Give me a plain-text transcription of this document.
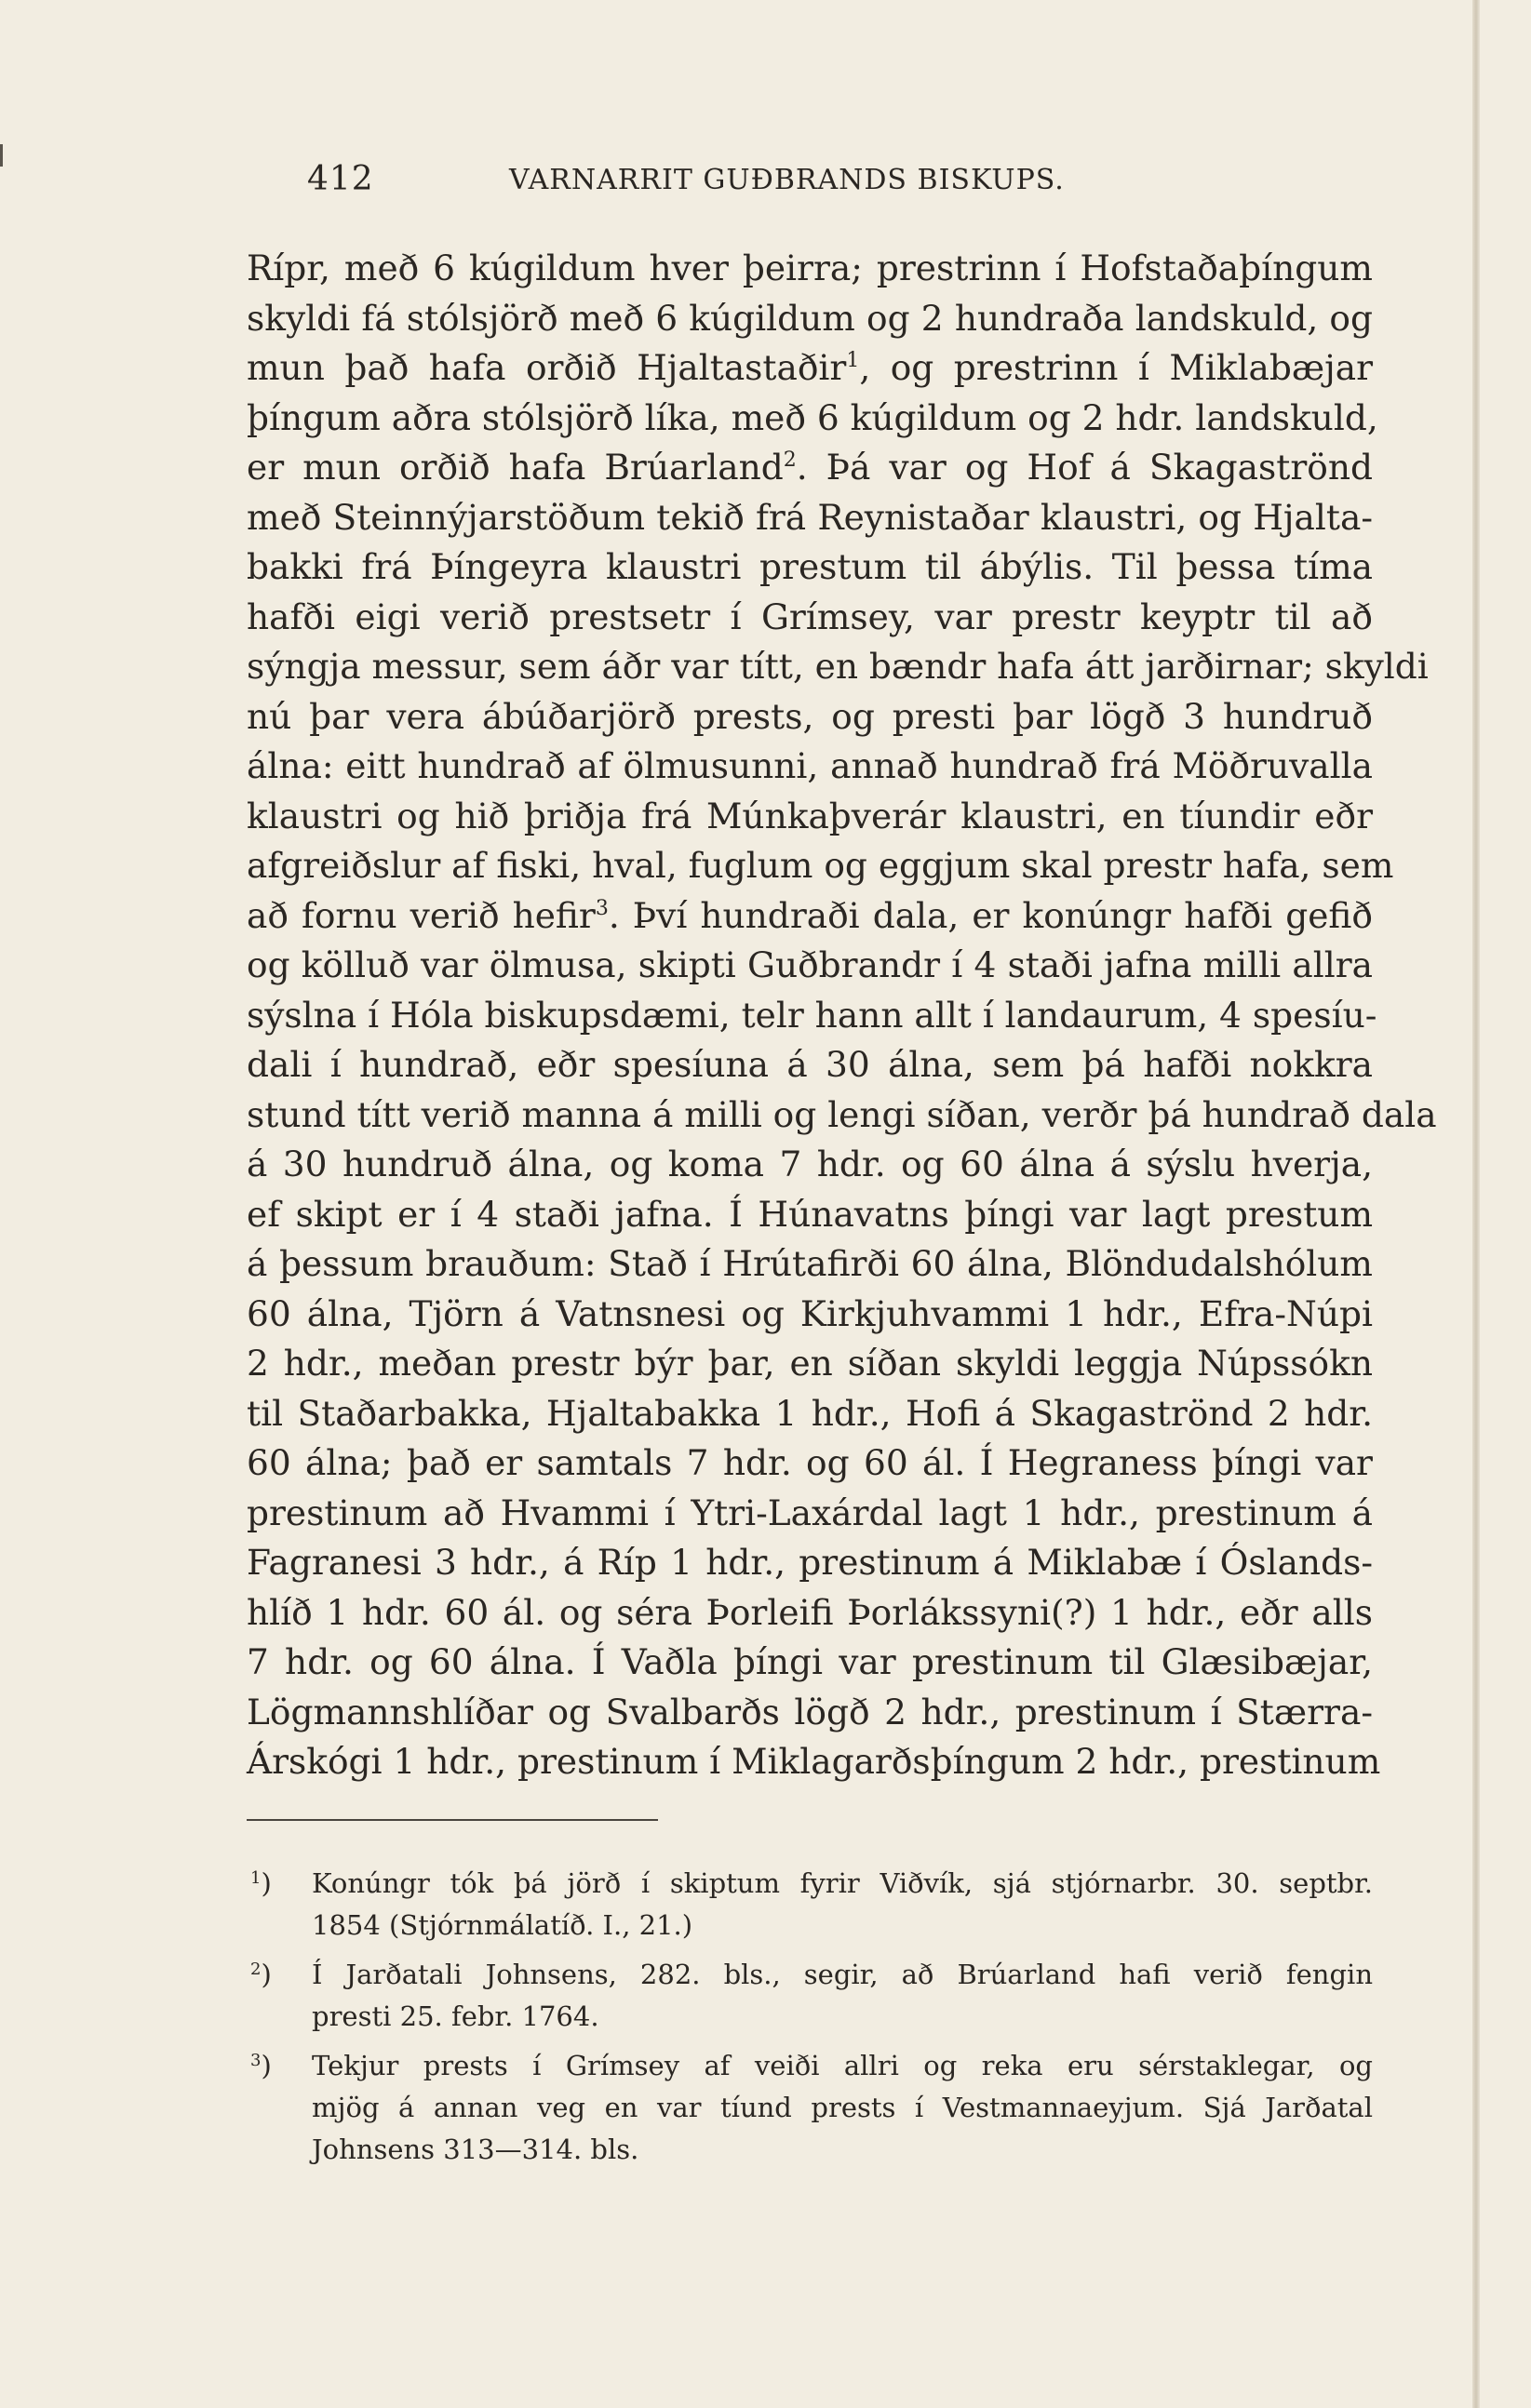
412	VARNARRIT GUÐBRANDS BISKUPS.
Rípr, með 6 kúgildum hver þeirra; prestrinn í Hofstaðaþíngum
skyldi fá stólsjörð með 6 kúgildum og 2 hundraða landskuld, og
mun það hafa orðið Hjaltastaðir$^1$, og prestrinn í Miklabæjar
þíngum aðra stólsjörð líka, með 6 kúgildum og 2 hdr. landskuld,
er mun orðið hafa Brúarland$^2$. Þá var og Hof á Skagaströnd
með Steinnýjarstöðum tekið frá Reynistaðar klaustri, og Hjalta-
bakki frá Þíngeyra klaustri prestum til ábýlis. Til þessa tíma
hafði eigi verið prestsetr í Grímsey, var prestr keyptr til að
sýngja messur, sem áðr var títt, en bændr hafa átt jarðirnar; skyldi
nú þar vera ábúðarjörð prests, og presti þar lögð 3 hundruð
álna: eitt hundrað af ölmusunni, annað hundrað frá Möðruvalla
klaustri og hið þriðja frá Múnkaþverár klaustri, en tíundir eðr
afgreiðslur af fiski, hval, fuglum og eggjum skal prestr hafa, sem
að fornu verið hefir$^3$. Því hundraði dala, er konúngr hafði gefið
og kölluð var ölmusa, skipti Guðbrandr í 4 staði jafna milli allra
sýslna í Hóla biskupsdæmi, telr hann allt í landaurum, 4 spesíu-
dali í hundrað, eðr spesíuna á 30 álna, sem þá hafði nokkra
stund títt verið manna á milli og lengi síðan, verðr þá hundrað dala
á 30 hundruð álna, og koma 7 hdr. og 60 álna á sýslu hverja,
ef skipt er í 4 staði jafna. Í Húnavatns þíngi var lagt prestum
á þessum brauðum: Stað í Hrútafirði 60 álna, Blöndudalshólum
60 álna, Tjörn á Vatnsnesi og Kirkjuhvammi 1 hdr., Efra-Núpi
2 hdr., meðan prestr býr þar, en síðan skyldi leggja Núpssókn
til Staðarbakka, Hjaltabakka 1 hdr., Hofi á Skagaströnd 2 hdr.
60 álna; það er samtals 7 hdr. og 60 ál. Í Hegraness þíngi var
prestinum að Hvammi í Ytri-Laxárdal lagt 1 hdr., prestinum á
Fagranesi 3 hdr., á Ríp 1 hdr., prestinum á Miklabæ í Óslands-
hlíð 1 hdr. 60 ál. og séra Þorleifi Þorlákssyni(?) 1 hdr., eðr alls
7 hdr. og 60 álna. Í Vaðla þíngi var prestinum til Glæsibæjar,
Lögmannshlíðar og Svalbarðs lögð 2 hdr., prestinum í Stærra-
Árskógi 1 hdr., prestinum í Miklagarðsþíngum 2 hdr., prestinum
$^1$) Konúngr tók þá jörð í skiptum fyrir Viðvík, sjá stjórnarbr. 30. septbr.
1854 (Stjórnmálatíð. I., 21.)
$^2$) Í Jarðatali Johnsens, 282. bls., segir, að Brúarland hafi verið fengin
presti 25. febr. 1764.
$^3$) Tekjur prests í Grímsey af veiði allri og reka eru sérstaklegar, og
mjög á annan veg en var tíund prests í Vestmannaeyjum. Sjá Jarðatal
Johnsens 313—314. bls.
